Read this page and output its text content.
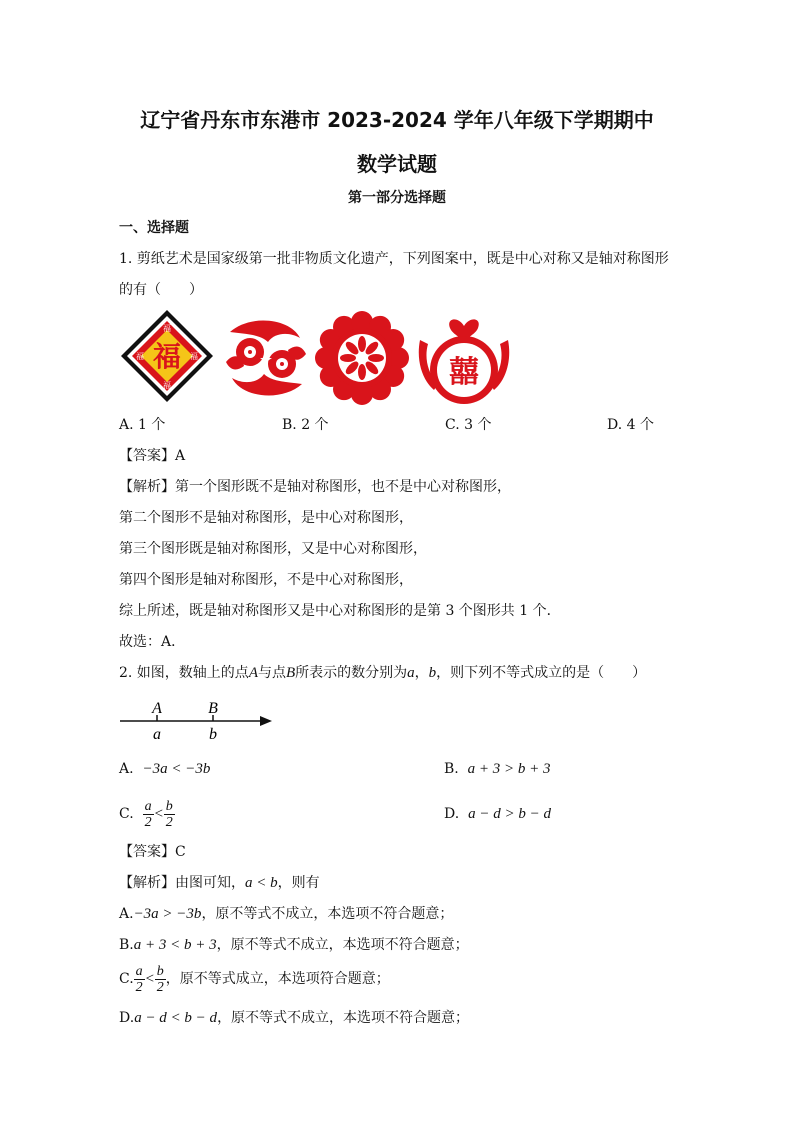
辽宁省丹东市东港市 2023-2024 学年八年级下学期期中
数学试题
第一部分选择题
一、选择题
1. 剪纸艺术是国家级第一批非物质文化遗产，下列图案中，既是中心对称又是轴对称图形
的有（　　）
福
福
福
福	福	囍
A. 1 个	B. 2 个	C. 3 个	D. 4 个
【答案】A
【解析】第一个图形既不是轴对称图形，也不是中心对称图形，
第二个图形不是轴对称图形，是中心对称图形，
第三个图形既是轴对称图形，又是中心对称图形，
第四个图形是轴对称图形，不是中心对称图形，
综上所述，既是轴对称图形又是中心对称图形的是第 3 个图形共 1 个．
故选：A．
2. 如图，数轴上的点A与点B所表示的数分别为a，b，则下列不等式成立的是（　　）
A	B
a	b
A. −3a < −3b	B. a + 3 > b + 3
C. $\frac{a}{2} < \frac{b}{2}$	D. a − d > b − d
【答案】C
【解析】由图可知，a < b，则有
A.−3a > −3b，原不等式不成立，本选项不符合题意；
B.a + 3 < b + 3，原不等式不成立，本选项不符合题意；
C. $\frac{a}{2} < \frac{b}{2}$ ，原不等式成立，本选项符合题意；
D.a − d < b − d，原不等式不成立，本选项不符合题意；
